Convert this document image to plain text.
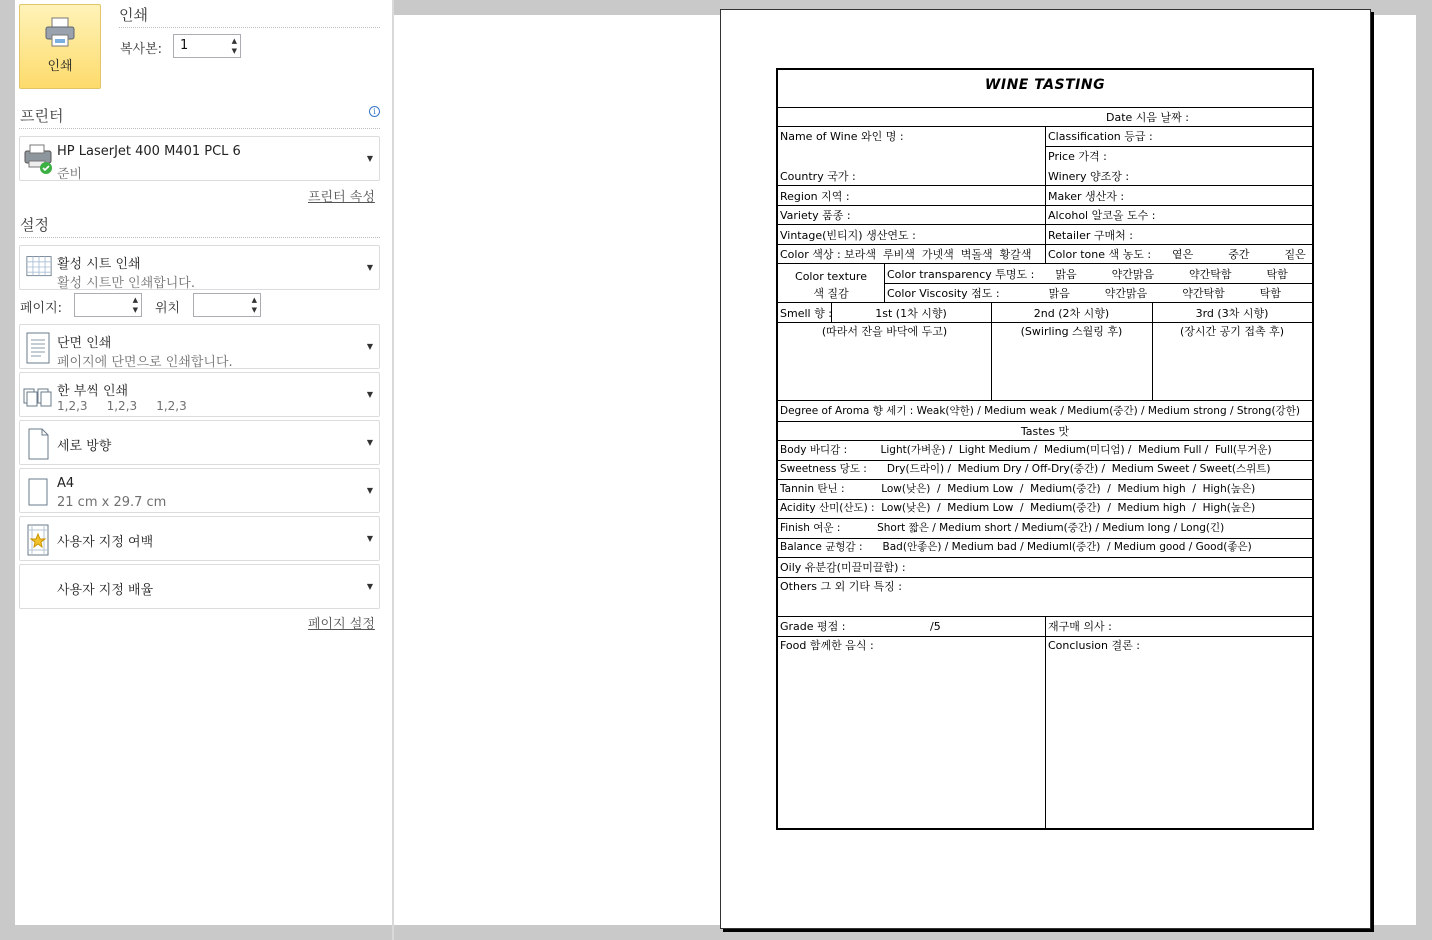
인쇄
인쇄
복사본:	1	▲
▼
프린터	i
HP LaserJet 400 M401 PCL 6
준비
▼
프린터 속성
설정
활성 시트 인쇄
활성 시트만 인쇄합니다.
▼
페이지:
▲
▼ 위치
▲
▼
단면 인쇄
페이지에 단면으로 인쇄합니다.
▼
한 부씩 인쇄
1,2,3     1,2,3     1,2,3
▼
세로 방향	▼
A4
21 cm x 29.7 cm
▼
사용자 지정 여백	▼
사용자 지정 배율	▼
페이지 설정
WINE TASTING
Date 시음 날짜 :
Name of Wine 와인 명 :	Classification 등급 :
Price 가격 :
Country 국가 :	Winery 양조장 :
Region 지역 :	Maker 생산자 :
Variety 품종 :	Alcohol 알코올 도수 :
Vintage(빈티지) 생산연도 :	Retailer 구매처 :
Color 색상 : 보라색  루비색  가넷색  벽돌색  황갈색 Color tone 색 농도 :      옅은          중간          짙은
Color texture
색 질감
Color transparency 투명도 :      맑음          약간맑음          약간탁함          탁함
Color Viscosity 점도 :              맑음          약간맑음          약간탁함          탁함
Smell 향 :	1st (1차 시향)	2nd (2차 시향)	3rd (3차 시향)
(따라서 잔을 바닥에 두고)	(Swirling 스월링 후)	(장시간 공기 접촉 후)
Degree of Aroma 향 세기 : Weak(약한) / Medium weak / Medium(중간) / Medium strong / Strong(강한)
Tastes 맛
Body 바디감 :          Light(가벼운) /  Light Medium /  Medium(미디엄) /  Medium Full /  Full(무거운)
Sweetness 당도 :      Dry(드라이) /  Medium Dry / Off-Dry(중간) /  Medium Sweet / Sweet(스위트)
Tannin 탄닌 :           Low(낮은)  /  Medium Low  /  Medium(중간)  /  Medium high  /  High(높은)
Acidity 산미(산도) :  Low(낮은)  /  Medium Low  /  Medium(중간)  /  Medium high  /  High(높은)
Finish 여운 :           Short 짧은 / Medium short / Medium(중간) / Medium long / Long(긴)
Balance 균형감 :      Bad(안좋은) / Medium bad / Mediuml(중간)  / Medium good / Good(좋은)
Oily 유분감(미끌미끌함) :
Others 그 외 기타 특징 :
Grade 평점 :	/5	재구매 의사 :
Food 함께한 음식 :	Conclusion 결론 :
